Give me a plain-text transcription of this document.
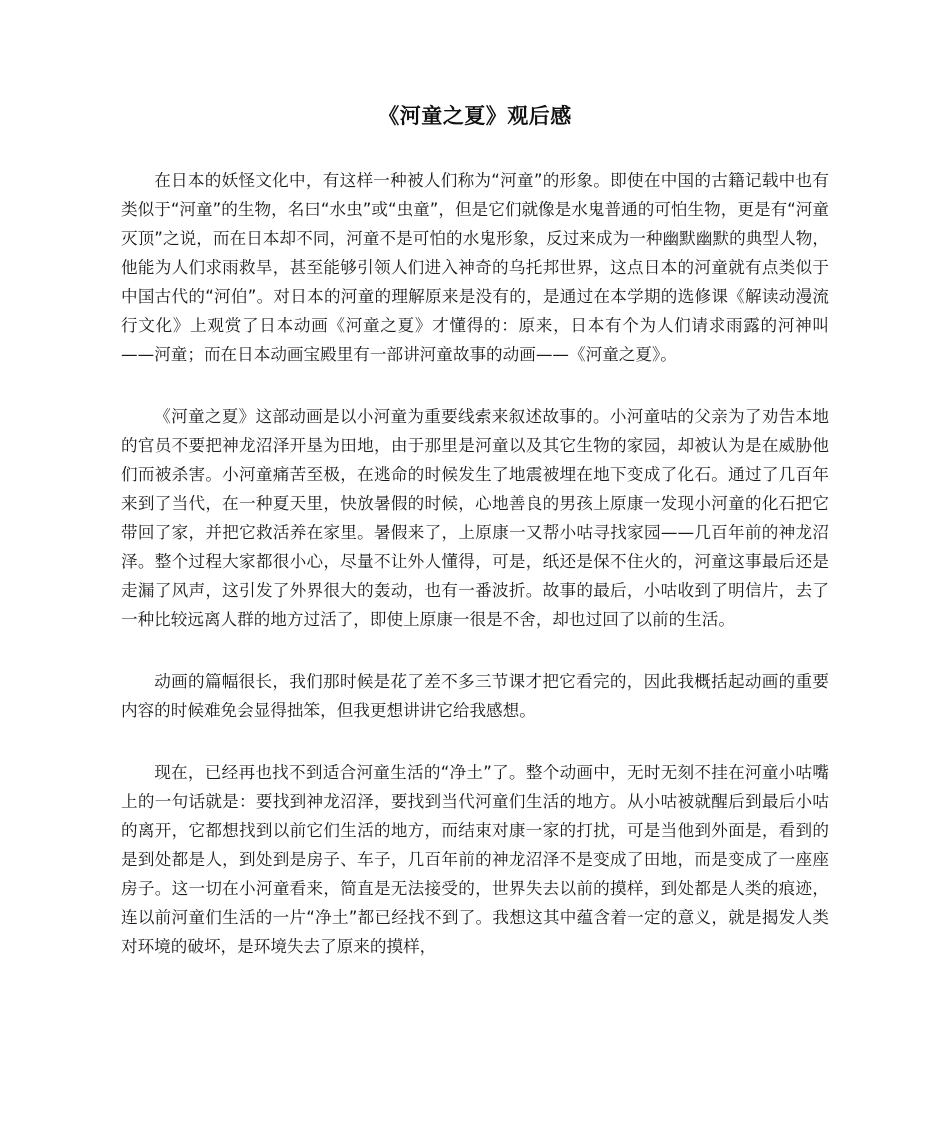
《河童之夏》观后感

在日本的妖怪文化中，有这样一种被人们称为“河童”的形象。即使在中国的古籍记载中也有类似于“河童”的生物，名曰“水虫”或“虫童”，但是它们就像是水鬼普通的可怕生物，更是有“河童灭顶”之说，而在日本却不同，河童不是可怕的水鬼形象，反过来成为一种幽默幽默的典型人物，他能为人们求雨救旱，甚至能够引领人们进入神奇的乌托邦世界，这点日本的河童就有点类似于中国古代的“河伯”。对日本的河童的理解原来是没有的，是通过在本学期的选修课《解读动漫流行文化》上观赏了日本动画《河童之夏》才懂得的：原来，日本有个为人们请求雨露的河神叫——河童；而在日本动画宝殿里有一部讲河童故事的动画——《河童之夏》。

《河童之夏》这部动画是以小河童为重要线索来叙述故事的。小河童咕的父亲为了劝告本地的官员不要把神龙沼泽开垦为田地，由于那里是河童以及其它生物的家园，却被认为是在威胁他们而被杀害。小河童痛苦至极，在逃命的时候发生了地震被埋在地下变成了化石。通过了几百年来到了当代，在一种夏天里，快放暑假的时候，心地善良的男孩上原康一发现小河童的化石把它带回了家，并把它救活养在家里。暑假来了，上原康一又帮小咕寻找家园——几百年前的神龙沼泽。整个过程大家都很小心，尽量不让外人懂得，可是，纸还是保不住火的，河童这事最后还是走漏了风声，这引发了外界很大的轰动，也有一番波折。故事的最后，小咕收到了明信片，去了一种比较远离人群的地方过活了，即使上原康一很是不舍，却也过回了以前的生活。

动画的篇幅很长，我们那时候是花了差不多三节课才把它看完的，因此我概括起动画的重要内容的时候难免会显得拙笨，但我更想讲讲它给我感想。

现在，已经再也找不到适合河童生活的“净土”了。整个动画中，无时无刻不挂在河童小咕嘴上的一句话就是：要找到神龙沼泽，要找到当代河童们生活的地方。从小咕被就醒后到最后小咕的离开，它都想找到以前它们生活的地方，而结束对康一家的打扰，可是当他到外面是，看到的是到处都是人，到处到是房子、车子，几百年前的神龙沼泽不是变成了田地，而是变成了一座座房子。这一切在小河童看来，简直是无法接受的，世界失去以前的摸样，到处都是人类的痕迹，连以前河童们生活的一片“净土”都已经找不到了。我想这其中蕴含着一定的意义，就是揭发人类对环境的破坏，是环境失去了原来的摸样，
